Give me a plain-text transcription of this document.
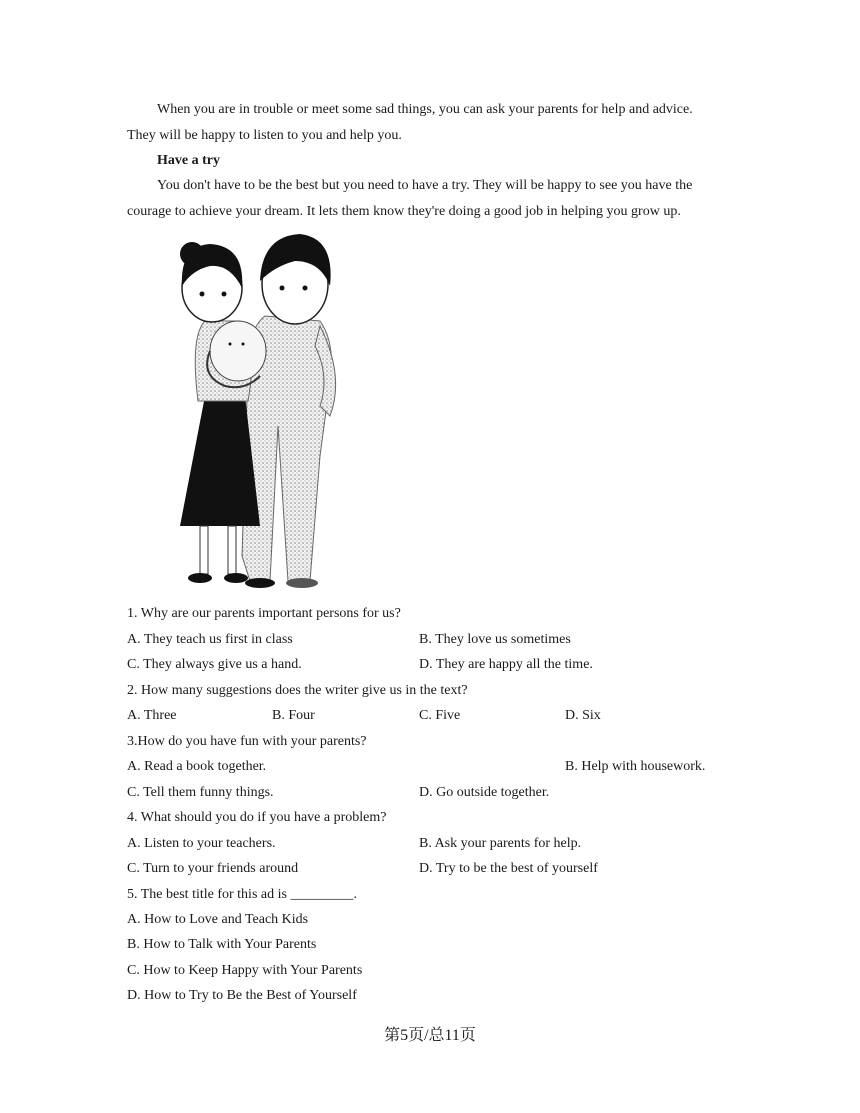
When you are in trouble or meet some sad things, you can ask your parents for help and advice.
They will be happy to listen to you and help you.
Have a try
You don't have to be the best but you need to have a try. They will be happy to see you have the
courage to achieve your dream. It lets them know they're doing a good job in helping you grow up.
1. Why are our parents important persons for us?
A. They teach us first in class	B. They love us sometimes
C. They always give us a hand.	D. They are happy all the time.
2. How many suggestions does the writer give us in the text?
A. Three	B. Four	C. Five	D. Six
3.How do you have fun with your parents?
A. Read a book together.	B. Help with housework.
C. Tell them funny things.	D. Go outside together.
4. What should you do if you have a problem?
A. Listen to your teachers.	B. Ask your parents for help.
C. Turn to your friends around	D. Try to be the best of yourself
5. The best title for this ad is _________.
A. How to Love and Teach Kids
B. How to Talk with Your Parents
C. How to Keep Happy with Your Parents
D. How to Try to Be the Best of Yourself
第5页/总11页
